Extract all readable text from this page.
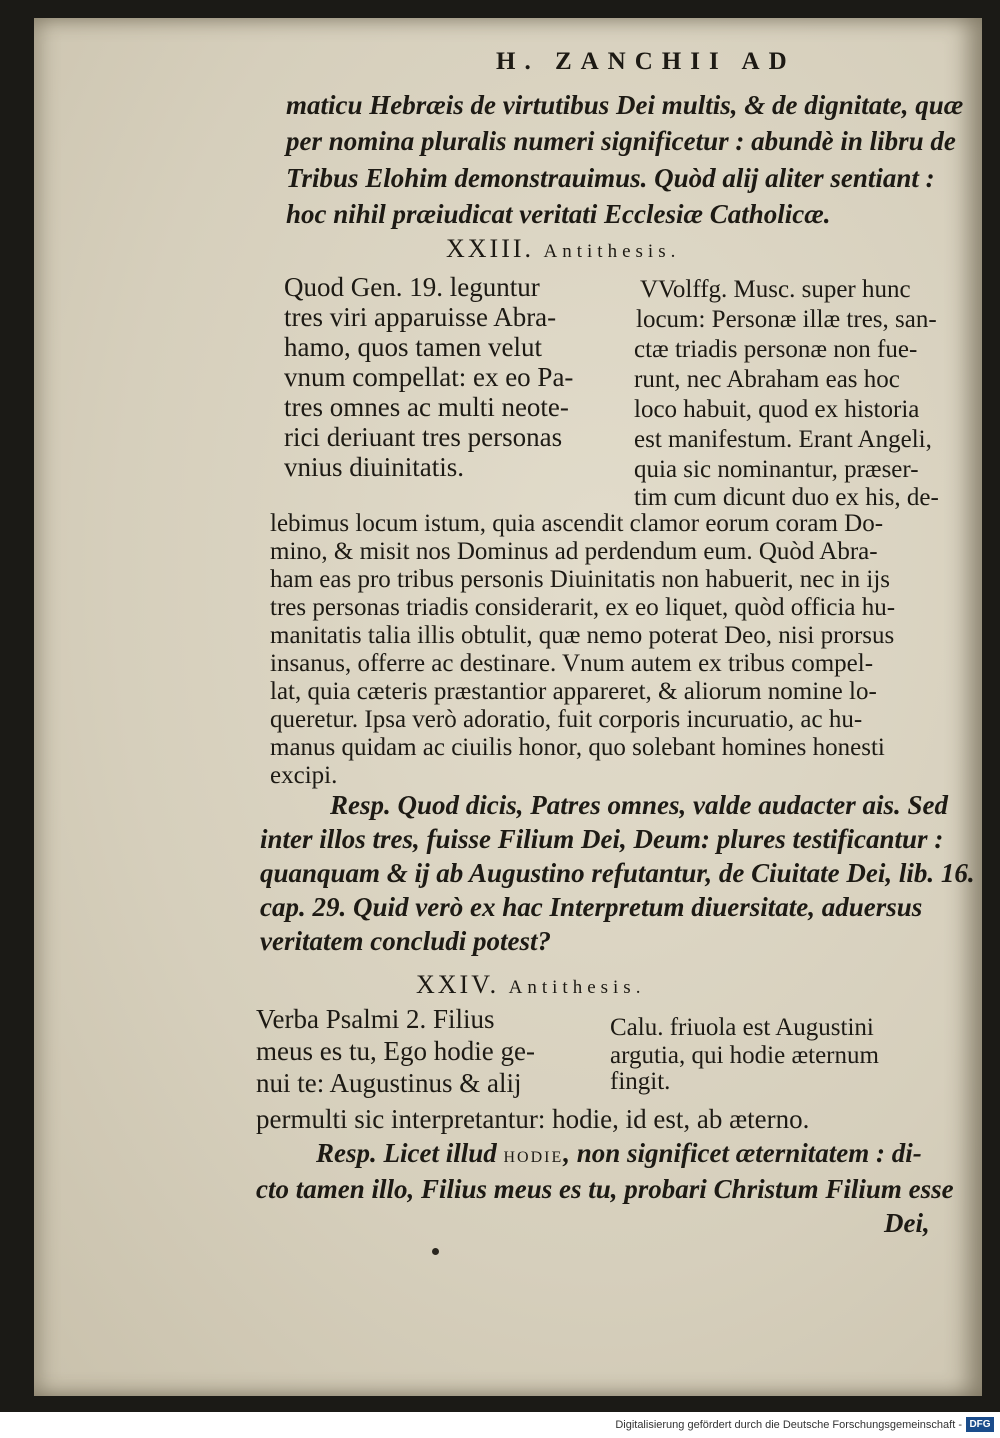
H. ZANCHII AD
maticu Hebræis de virtutibus Dei multis, & de dignitate, quæ
per nomina pluralis numeri significetur : abundè in libru de
Tribus Elohim demonstrauimus. Quòd alij aliter sentiant :
hoc nihil præiudicat veritati Ecclesiæ Catholicæ.
XXIII. Antithesis.
Quod Gen. 19. leguntur
tres viri apparuisse Abra-
hamo, quos tamen velut
vnum compellat: ex eo Pa-
tres omnes ac multi neote-
rici deriuant tres personas
vnius diuinitatis.
VVolffg. Musc. super hunc
locum: Personæ illæ tres, san-
ctæ triadis personæ non fue-
runt, nec Abraham eas hoc
loco habuit, quod ex historia
est manifestum. Erant Angeli,
quia sic nominantur, præser-
tim cum dicunt duo ex his, de-
lebimus locum istum, quia ascendit clamor eorum coram Do-
mino, & misit nos Dominus ad perdendum eum. Quòd Abra-
ham eas pro tribus personis Diuinitatis non habuerit, nec in ijs
tres personas triadis considerarit, ex eo liquet, quòd officia hu-
manitatis talia illis obtulit, quæ nemo poterat Deo, nisi prorsus
insanus, offerre ac destinare. Vnum autem ex tribus compel-
lat, quia cæteris præstantior appareret, & aliorum nomine lo-
queretur. Ipsa verò adoratio, fuit corporis incuruatio, ac hu-
manus quidam ac ciuilis honor, quo solebant homines honesti
excipi.
Resp. Quod dicis, Patres omnes, valde audacter ais. Sed
inter illos tres, fuisse Filium Dei, Deum: plures testificantur :
quanquam & ij ab Augustino refutantur, de Ciuitate Dei, lib. 16.
cap. 29. Quid verò ex hac Interpretum diuersitate, aduersus
veritatem concludi potest?
XXIV. Antithesis.
Verba Psalmi 2. Filius
meus es tu, Ego hodie ge-
nui te: Augustinus & alij
Calu. friuola est Augustini
argutia, qui hodie æternum
fingit.
permulti sic interpretantur: hodie, id est, ab æterno.
Resp. Licet illud hodie, non significet æternitatem : di-
cto tamen illo, Filius meus es tu, probari Christum Filium esse
Dei,
Digitalisierung gefördert durch die Deutsche Forschungsgemeinschaft - DFG
